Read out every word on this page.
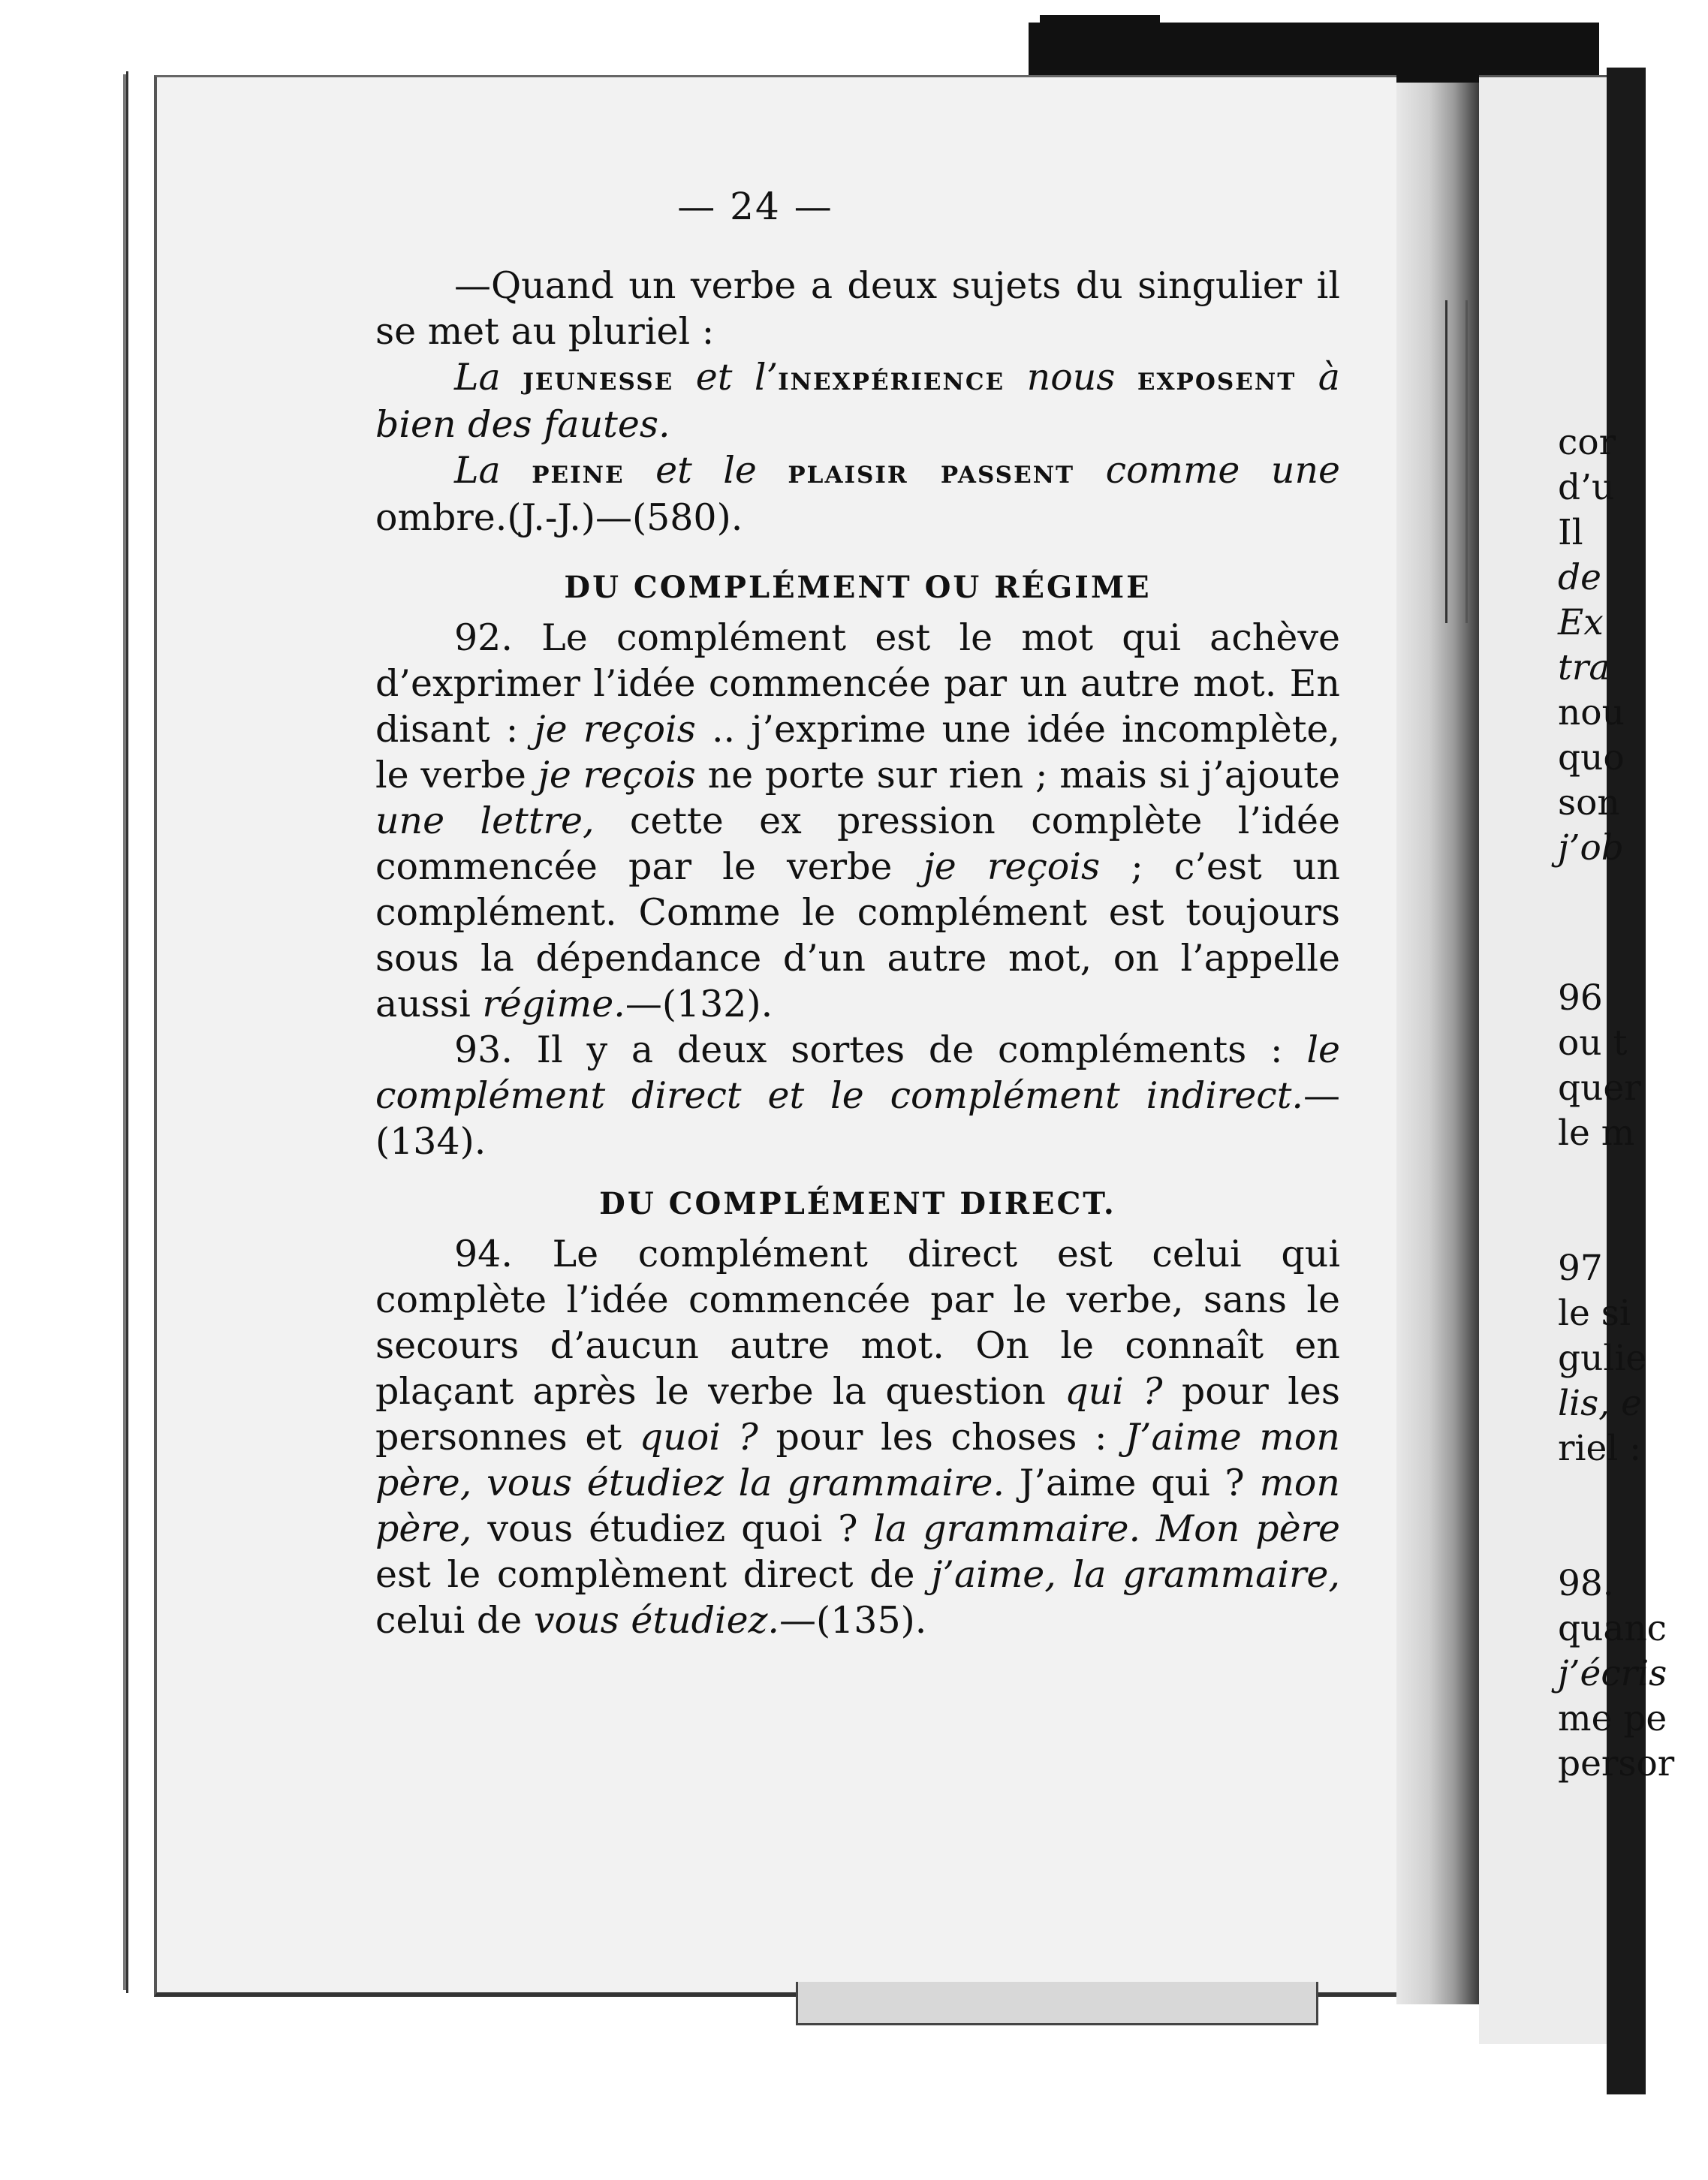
— 24 —

—Quand un verbe a deux sujets du singulier il se met au pluriel :

La jeunesse et l’inexpérience nous exposent à bien des fautes.

La peine et le plaisir passent comme une ombre.(J.-J.)—(580).

DU COMPLÉMENT OU RÉGIME

92. Le complément est le mot qui achève d’exprimer l’idée commencée par un autre mot. En disant : je reçois .. j’exprime une idée incomplète, le verbe je reçois ne porte sur rien ; mais si j’ajoute une lettre, cette ex pression complète l’idée commencée par le verbe je reçois ; c’est un complément. Comme le complément est toujours sous la dépendance d’un autre mot, on l’appelle aussi régime.—(132).

93. Il y a deux sortes de compléments : le complément direct et le complément indirect.—(134).

DU COMPLÉMENT DIRECT.

94. Le complément direct est celui qui complète l’idée commencée par le verbe, sans le secours d’aucun autre mot. On le connaît en plaçant après le verbe la question qui ? pour les personnes et quoi ? pour les choses : J’aime mon père, vous étudiez la grammaire. J’aime qui ? mon père, vous étudiez quoi ? la grammaire. Mon père est le complèment direct de j’aime, la grammaire, celui de vous étudiez.—(135).

cor
d’u
Il
de
Ex
tra
nou
quo
son
j’ob
96
ou t
quer
le m
97
le si
gulie
lis, e
riel :
98.
quanc
j’écris
me pe
persor
